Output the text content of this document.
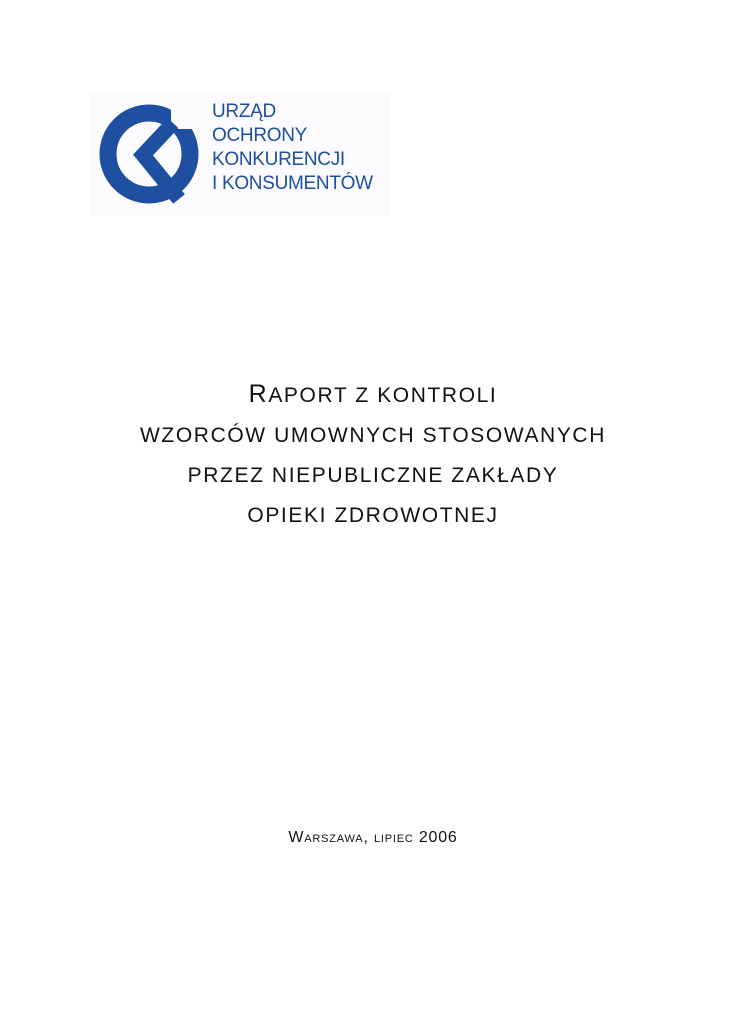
URZĄD
OCHRONY
KONKURENCJI
I KONSUMENTÓW
RAPORT Z KONTROLI
WZORCÓW UMOWNYCH STOSOWANYCH
PRZEZ NIEPUBLICZNE ZAKŁADY
OPIEKI ZDROWOTNEJ
Warszawa, lipiec 2006
